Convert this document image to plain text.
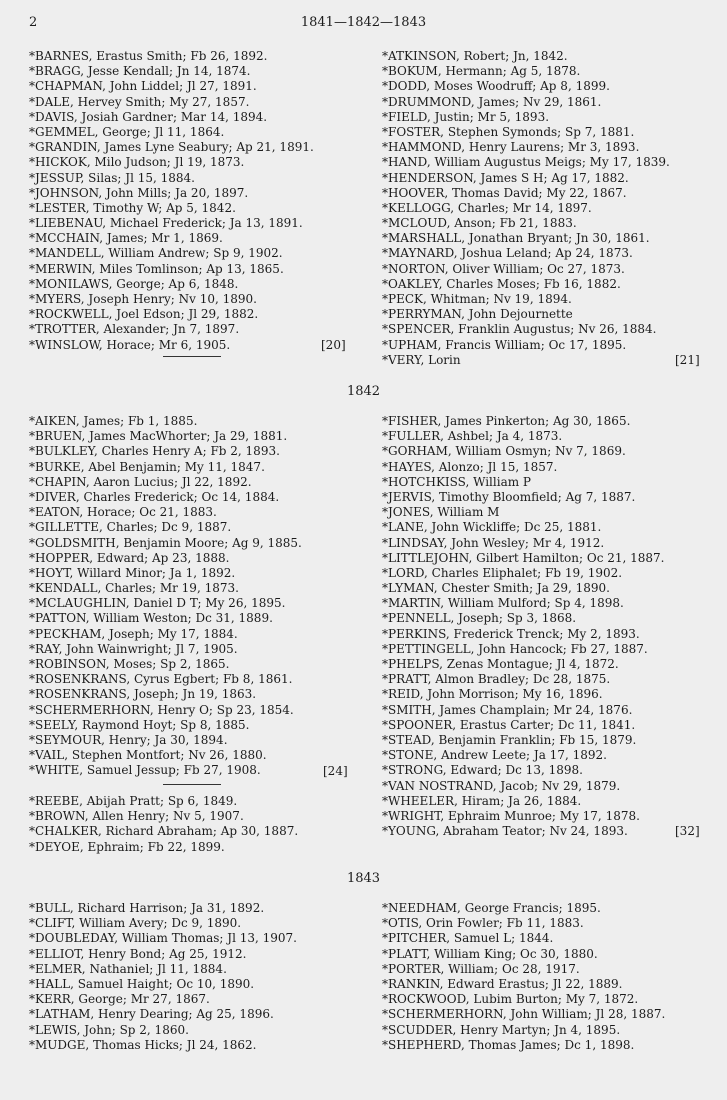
2	1841—1842—1843
*BARNES, Erastus Smith; Fb 26, 1892.
*BRAGG, Jesse Kendall; Jn 14, 1874.
*CHAPMAN, John Liddel; Jl 27, 1891.
*DALE, Hervey Smith; My 27, 1857.
*DAVIS, Josiah Gardner; Mar 14, 1894.
*GEMMEL, George; Jl 11, 1864.
*GRANDIN, James Lyne Seabury; Ap 21, 1891.
*HICKOK, Milo Judson; Jl 19, 1873.
*JESSUP, Silas; Jl 15, 1884.
*JOHNSON, John Mills; Ja 20, 1897.
*LESTER, Timothy W; Ap 5, 1842.
*LIEBENAU, Michael Frederick; Ja 13, 1891.
*MCCHAIN, James; Mr 1, 1869.
*MANDELL, William Andrew; Sp 9, 1902.
*MERWIN, Miles Tomlinson; Ap 13, 1865.
*MONILAWS, George; Ap 6, 1848.
*MYERS, Joseph Henry; Nv 10, 1890.
*ROCKWELL, Joel Edson; Jl 29, 1882.
*TROTTER, Alexander; Jn 7, 1897.
*WINSLOW, Horace; Mr 6, 1905.	[20]
*ATKINSON, Robert; Jn, 1842.
*BOKUM, Hermann; Ag 5, 1878.
*DODD, Moses Woodruff; Ap 8, 1899.
*DRUMMOND, James; Nv 29, 1861.
*FIELD, Justin; Mr 5, 1893.
*FOSTER, Stephen Symonds; Sp 7, 1881.
*HAMMOND, Henry Laurens; Mr 3, 1893.
*HAND, William Augustus Meigs; My 17, 1839.
*HENDERSON, James S H; Ag 17, 1882.
*HOOVER, Thomas David; My 22, 1867.
*KELLOGG, Charles; Mr 14, 1897.
*MCLOUD, Anson; Fb 21, 1883.
*MARSHALL, Jonathan Bryant; Jn 30, 1861.
*MAYNARD, Joshua Leland; Ap 24, 1873.
*NORTON, Oliver William; Oc 27, 1873.
*OAKLEY, Charles Moses; Fb 16, 1882.
*PECK, Whitman; Nv 19, 1894.
*PERRYMAN, John Dejournette
*SPENCER, Franklin Augustus; Nv 26, 1884.
*UPHAM, Francis William; Oc 17, 1895.
*VERY, Lorin	[21]
1842
*AIKEN, James; Fb 1, 1885.
*BRUEN, James MacWhorter; Ja 29, 1881.
*BULKLEY, Charles Henry A; Fb 2, 1893.
*BURKE, Abel Benjamin; My 11, 1847.
*CHAPIN, Aaron Lucius; Jl 22, 1892.
*DIVER, Charles Frederick; Oc 14, 1884.
*EATON, Horace; Oc 21, 1883.
*GILLETTE, Charles; Dc 9, 1887.
*GOLDSMITH, Benjamin Moore; Ag 9, 1885.
*HOPPER, Edward; Ap 23, 1888.
*HOYT, Willard Minor; Ja 1, 1892.
*KENDALL, Charles; Mr 19, 1873.
*MCLAUGHLIN, Daniel D T; My 26, 1895.
*PATTON, William Weston; Dc 31, 1889.
*PECKHAM, Joseph; My 17, 1884.
*RAY, John Wainwright; Jl 7, 1905.
*ROBINSON, Moses; Sp 2, 1865.
*ROSENKRANS, Cyrus Egbert; Fb 8, 1861.
*ROSENKRANS, Joseph; Jn 19, 1863.
*SCHERMERHORN, Henry O; Sp 23, 1854.
*SEELY, Raymond Hoyt; Sp 8, 1885.
*SEYMOUR, Henry; Ja 30, 1894.
*VAIL, Stephen Montfort; Nv 26, 1880.
*WHITE, Samuel Jessup; Fb 27, 1908.	[24]
*REEBE, Abijah Pratt; Sp 6, 1849.
*BROWN, Allen Henry; Nv 5, 1907.
*CHALKER, Richard Abraham; Ap 30, 1887.
*DEYOE, Ephraim; Fb 22, 1899.
*FISHER, James Pinkerton; Ag 30, 1865.
*FULLER, Ashbel; Ja 4, 1873.
*GORHAM, William Osmyn; Nv 7, 1869.
*HAYES, Alonzo; Jl 15, 1857.
*HOTCHKISS, William P
*JERVIS, Timothy Bloomfield; Ag 7, 1887.
*JONES, William M
*LANE, John Wickliffe; Dc 25, 1881.
*LINDSAY, John Wesley; Mr 4, 1912.
*LITTLEJOHN, Gilbert Hamilton; Oc 21, 1887.
*LORD, Charles Eliphalet; Fb 19, 1902.
*LYMAN, Chester Smith; Ja 29, 1890.
*MARTIN, William Mulford; Sp 4, 1898.
*PENNELL, Joseph; Sp 3, 1868.
*PERKINS, Frederick Trenck; My 2, 1893.
*PETTINGELL, John Hancock; Fb 27, 1887.
*PHELPS, Zenas Montague; Jl 4, 1872.
*PRATT, Almon Bradley; Dc 28, 1875.
*REID, John Morrison; My 16, 1896.
*SMITH, James Champlain; Mr 24, 1876.
*SPOONER, Erastus Carter; Dc 11, 1841.
*STEAD, Benjamin Franklin; Fb 15, 1879.
*STONE, Andrew Leete; Ja 17, 1892.
*STRONG, Edward; Dc 13, 1898.
*VAN NOSTRAND, Jacob; Nv 29, 1879.
*WHEELER, Hiram; Ja 26, 1884.
*WRIGHT, Ephraim Munroe; My 17, 1878.
*YOUNG, Abraham Teator; Nv 24, 1893.	[32]
1843
*BULL, Richard Harrison; Ja 31, 1892.
*CLIFT, William Avery; Dc 9, 1890.
*DOUBLEDAY, William Thomas; Jl 13, 1907.
*ELLIOT, Henry Bond; Ag 25, 1912.
*ELMER, Nathaniel; Jl 11, 1884.
*HALL, Samuel Haight; Oc 10, 1890.
*KERR, George; Mr 27, 1867.
*LATHAM, Henry Dearing; Ag 25, 1896.
*LEWIS, John; Sp 2, 1860.
*MUDGE, Thomas Hicks; Jl 24, 1862.
*NEEDHAM, George Francis; 1895.
*OTIS, Orin Fowler; Fb 11, 1883.
*PITCHER, Samuel L; 1844.
*PLATT, William King; Oc 30, 1880.
*PORTER, William; Oc 28, 1917.
*RANKIN, Edward Erastus; Jl 22, 1889.
*ROCKWOOD, Lubim Burton; My 7, 1872.
*SCHERMERHORN, John William; Jl 28, 1887.
*SCUDDER, Henry Martyn; Jn 4, 1895.
*SHEPHERD, Thomas James; Dc 1, 1898.
